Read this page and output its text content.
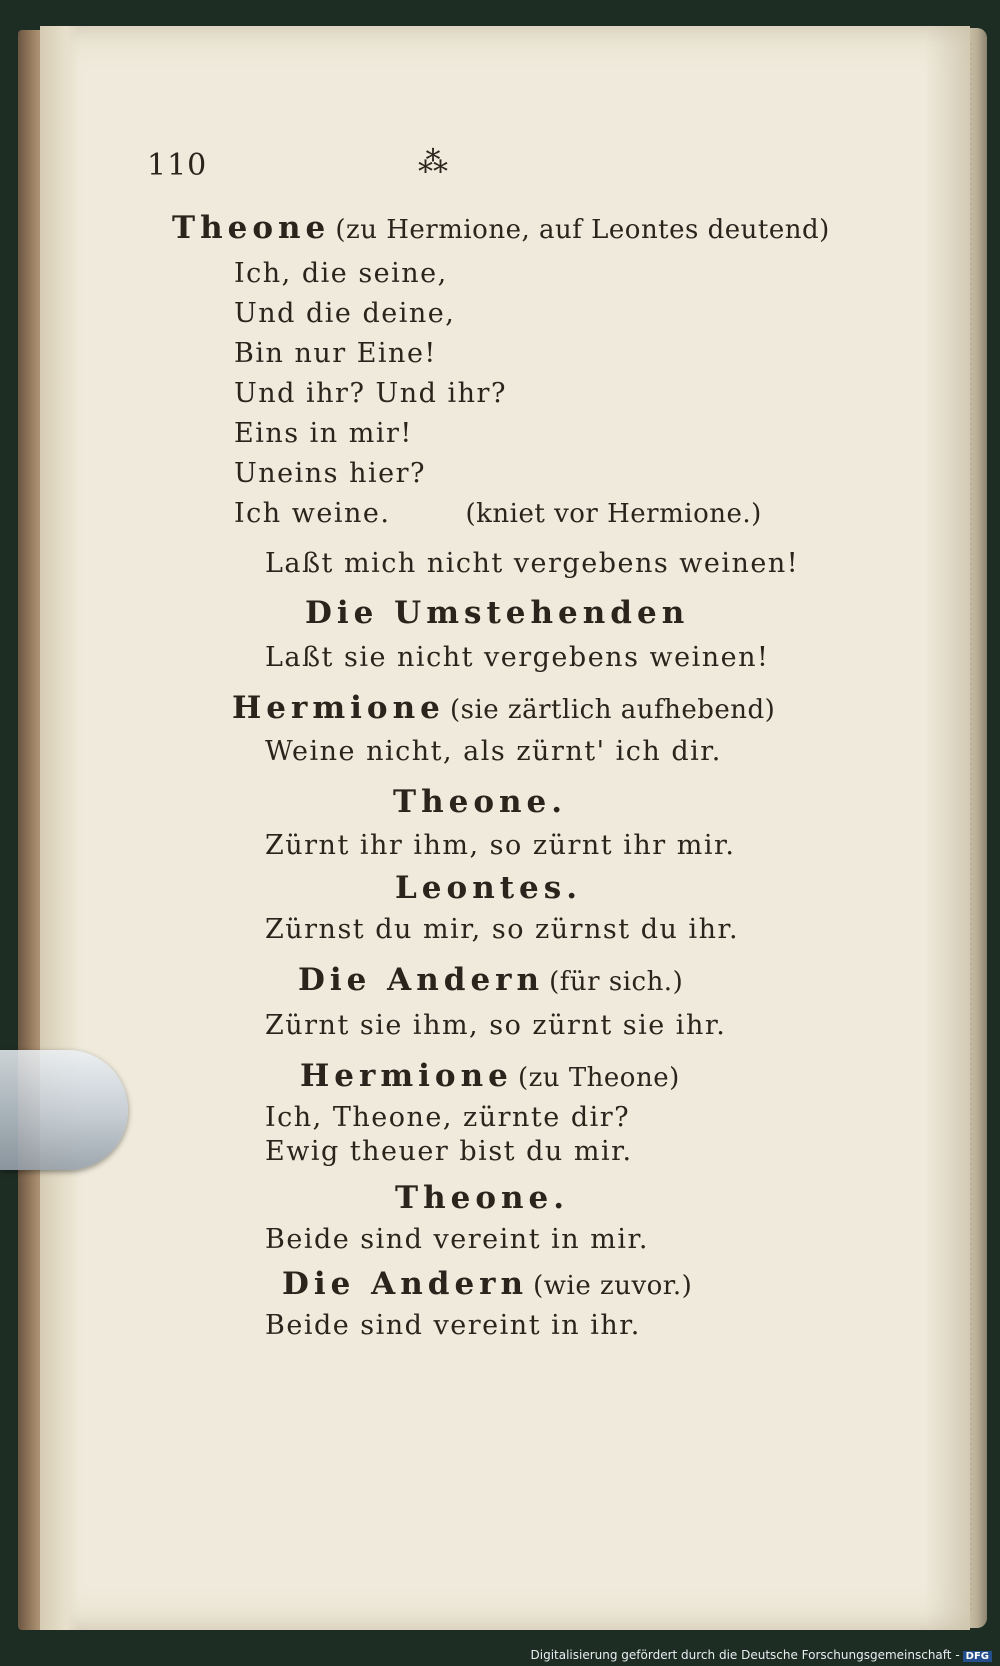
110	⁂
Theone (zu Hermione, auf Leontes deutend)
Ich, die seine,
Und die deine,
Bin nur Eine!
Und ihr? Und ihr?
Eins in mir!
Uneins hier?
Ich weine.	(kniet vor Hermione.)
Laßt mich nicht vergebens weinen!
Die Umstehenden
Laßt sie nicht vergebens weinen!
Hermione (sie zärtlich aufhebend)
Weine nicht, als zürnt' ich dir.
Theone.
Zürnt ihr ihm, so zürnt ihr mir.
Leontes.
Zürnst du mir, so zürnst du ihr.
Die Andern (für sich.)
Zürnt sie ihm, so zürnt sie ihr.
Hermione (zu Theone)
Ich, Theone, zürnte dir?
Ewig theuer bist du mir.
Theone.
Beide sind vereint in mir.
Die Andern (wie zuvor.)
Beide sind vereint in ihr.
Digitalisierung gefördert durch die Deutsche Forschungsgemeinschaft - DFG
